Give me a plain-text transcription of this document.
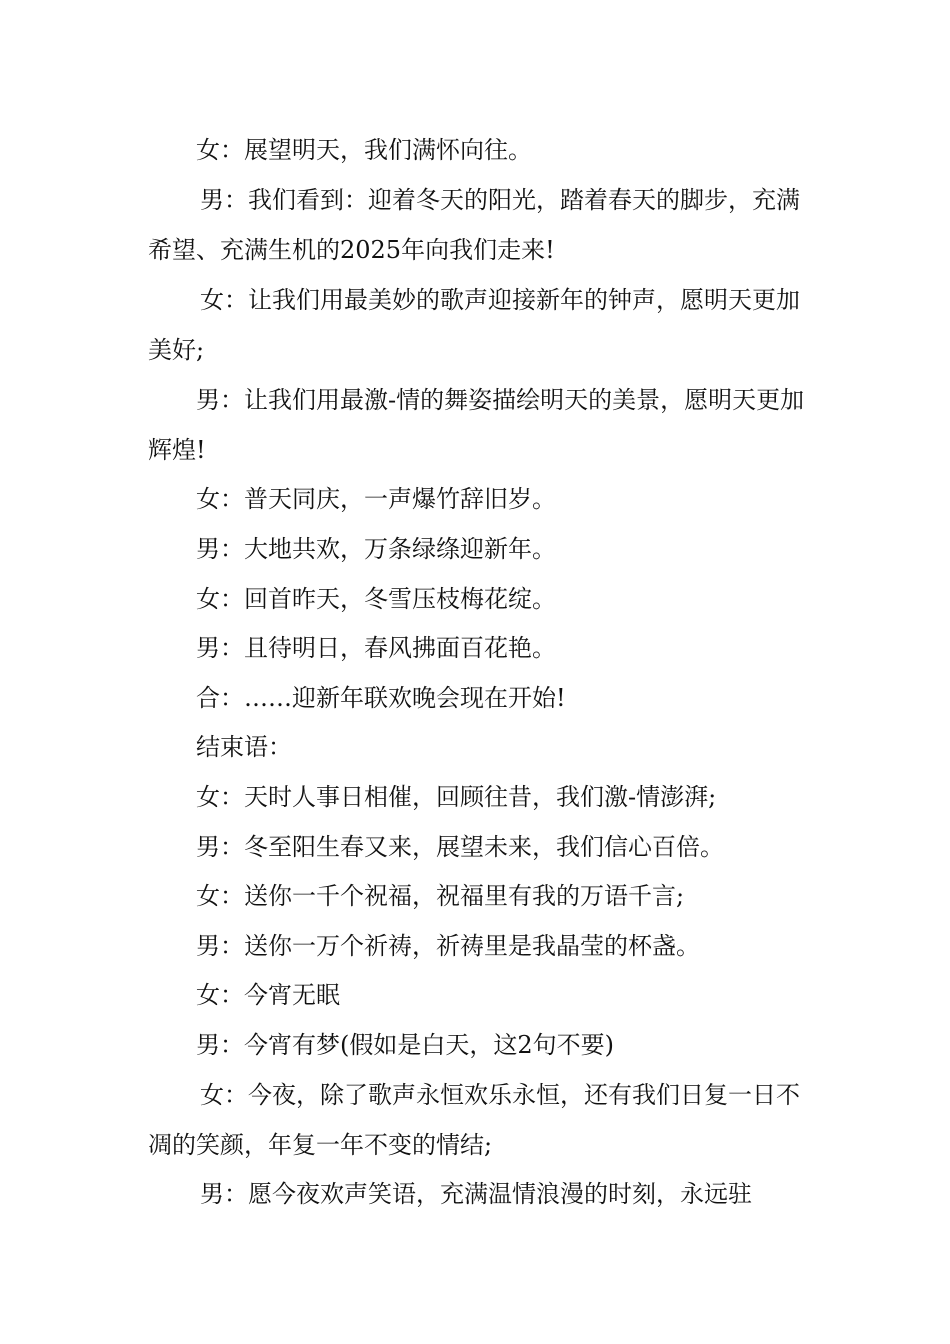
女：展望明天，我们满怀向往。

男：我们看到：迎着冬天的阳光，踏着春天的脚步，充满希望、充满生机的2025年向我们走来!

女：让我们用最美妙的歌声迎接新年的钟声，愿明天更加美好;

男：让我们用最激-情的舞姿描绘明天的美景，愿明天更加辉煌!

女：普天同庆，一声爆竹辞旧岁。

男：大地共欢，万条绿绦迎新年。

女：回首昨天，冬雪压枝梅花绽。

男：且待明日，春风拂面百花艳。

合：……迎新年联欢晚会现在开始!

结束语：

女：天时人事日相催，回顾往昔，我们激-情澎湃;

男：冬至阳生春又来，展望未来，我们信心百倍。

女：送你一千个祝福，祝福里有我的万语千言;

男：送你一万个祈祷，祈祷里是我晶莹的杯盏。

女：今宵无眠

男：今宵有梦(假如是白天，这2句不要)

女：今夜，除了歌声永恒欢乐永恒，还有我们日复一日不凋的笑颜，年复一年不变的情结;

男：愿今夜欢声笑语，充满温情浪漫的时刻，永远驻
